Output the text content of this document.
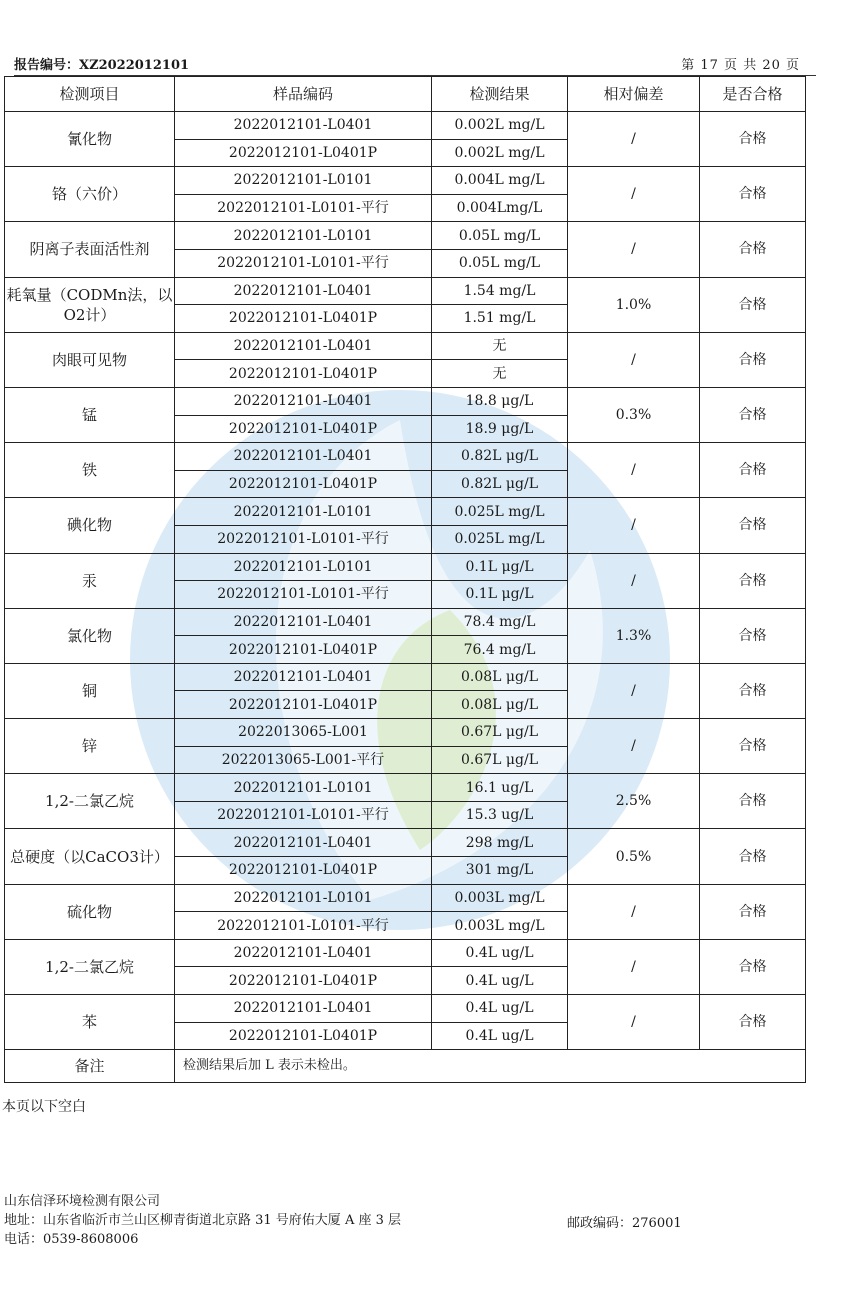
报告编号：XZ2022012101	第 17 页 共 20 页
检测项目	样品编码	检测结果	相对偏差	是否合格
氰化物	2022012101-L0401	0.002L mg/L	/	合格
	2022012101-L0401P	0.002L mg/L		
铬（六价）	2022012101-L0101	0.004L mg/L	/	合格
	2022012101-L0101-平行	0.004Lmg/L		
阴离子表面活性剂	2022012101-L0101	0.05L mg/L	/	合格
	2022012101-L0101-平行	0.05L mg/L		
耗氧量（CODMn法，以O2计）	2022012101-L0401	1.54 mg/L	1.0%	合格
	2022012101-L0401P	1.51 mg/L		
肉眼可见物	2022012101-L0401	无	/	合格
	2022012101-L0401P	无		
锰	2022012101-L0401	18.8 μg/L	0.3%	合格
	2022012101-L0401P	18.9 μg/L		
铁	2022012101-L0401	0.82L μg/L	/	合格
	2022012101-L0401P	0.82L μg/L		
碘化物	2022012101-L0101	0.025L mg/L	/	合格
	2022012101-L0101-平行	0.025L mg/L		
汞	2022012101-L0101	0.1L μg/L	/	合格
	2022012101-L0101-平行	0.1L μg/L		
氯化物	2022012101-L0401	78.4 mg/L	1.3%	合格
	2022012101-L0401P	76.4 mg/L		
铜	2022012101-L0401	0.08L μg/L	/	合格
	2022012101-L0401P	0.08L μg/L		
锌	2022013065-L001	0.67L μg/L	/	合格
	2022013065-L001-平行	0.67L μg/L		
1,2-二氯乙烷	2022012101-L0101	16.1 ug/L	2.5%	合格
	2022012101-L0101-平行	15.3 ug/L		
总硬度（以CaCO3计）	2022012101-L0401	298 mg/L	0.5%	合格
	2022012101-L0401P	301 mg/L		
硫化物	2022012101-L0101	0.003L mg/L	/	合格
	2022012101-L0101-平行	0.003L mg/L		
1,2-二氯乙烷	2022012101-L0401	0.4L ug/L	/	合格
	2022012101-L0401P	0.4L ug/L		
苯	2022012101-L0401	0.4L ug/L	/	合格
	2022012101-L0401P	0.4L ug/L		
备注	检测结果后加 L 表示未检出。			
本页以下空白
山东信泽环境检测有限公司
地址：山东省临沂市兰山区柳青街道北京路 31 号府佑大厦 A 座 3 层
电话：0539-8608006
邮政编码：276001
